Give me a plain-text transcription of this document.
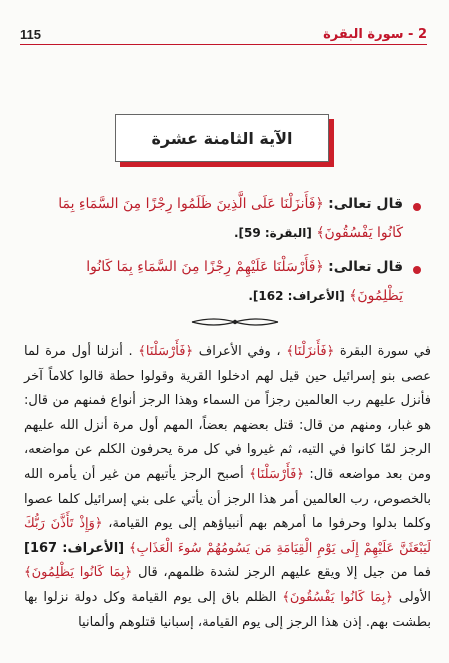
2 - سورة البقرة
115
الآية الثامنة عشرة
قال تعالى: ﴿فَأَنزَلْنَا عَلَى الَّذِينَ ظَلَمُوا رِجْزًا مِنَ السَّمَاءِ بِمَا كَانُوا يَفْسُقُونَ﴾ [البقرة: 59].
قال تعالى: ﴿فَأَرْسَلْنَا عَلَيْهِمْ رِجْزًا مِنَ السَّمَاءِ بِمَا كَانُوا يَظْلِمُونَ﴾ [الأعراف: 162].
في سورة البقرة ﴿فَأَنزَلْنَا﴾ ، وفي الأعراف ﴿فَأَرْسَلْنَا﴾ . أنزلنا أول مرة لما عصى بنو إسرائيل حين قيل لهم ادخلوا القرية وقولوا حطة قالوا كلاماً آخر فأنزل عليهم رب العالمين رجزاً من السماء وهذا الرجز أنواع فمنهم من قال: هو غبار، ومنهم من قال: قتل بعضهم بعضاً، المهم أول مرة أنزل الله عليهم الرجز لمّا كانوا في التيه، ثم غيروا في كل مرة يحرفون الكلم عن مواضعه، ومن بعد مواضعه قال: ﴿فَأَرْسَلْنَا﴾ أصبح الرجز يأتيهم من غير أن يأمره الله بالخصوص، رب العالمين أمر هذا الرجز أن يأتي على بني إسرائيل كلما عصوا وكلما بدلوا وحرفوا ما أمرهم بهم أنبياؤهم إلى يوم القيامة، ﴿وَإِذْ تَأَذَّنَ رَبُّكَ لَيَبْعَثَنَّ عَلَيْهِمْ إِلَى يَوْمِ الْقِيَامَةِ مَن يَسُومُهُمْ سُوءَ الْعَذَابِ﴾ [الأعراف: 167] فما من جيل إلا ويقع عليهم الرجز لشدة ظلمهم، قال ﴿بِمَا كَانُوا يَظْلِمُونَ﴾ الأولى ﴿بِمَا كَانُوا يَفْسُقُونَ﴾ الظلم باق إلى يوم القيامة وكل دولة نزلوا بها بطشت بهم. إذن هذا الرجز إلى يوم القيامة، إسبانيا قتلوهم وألمانيا
